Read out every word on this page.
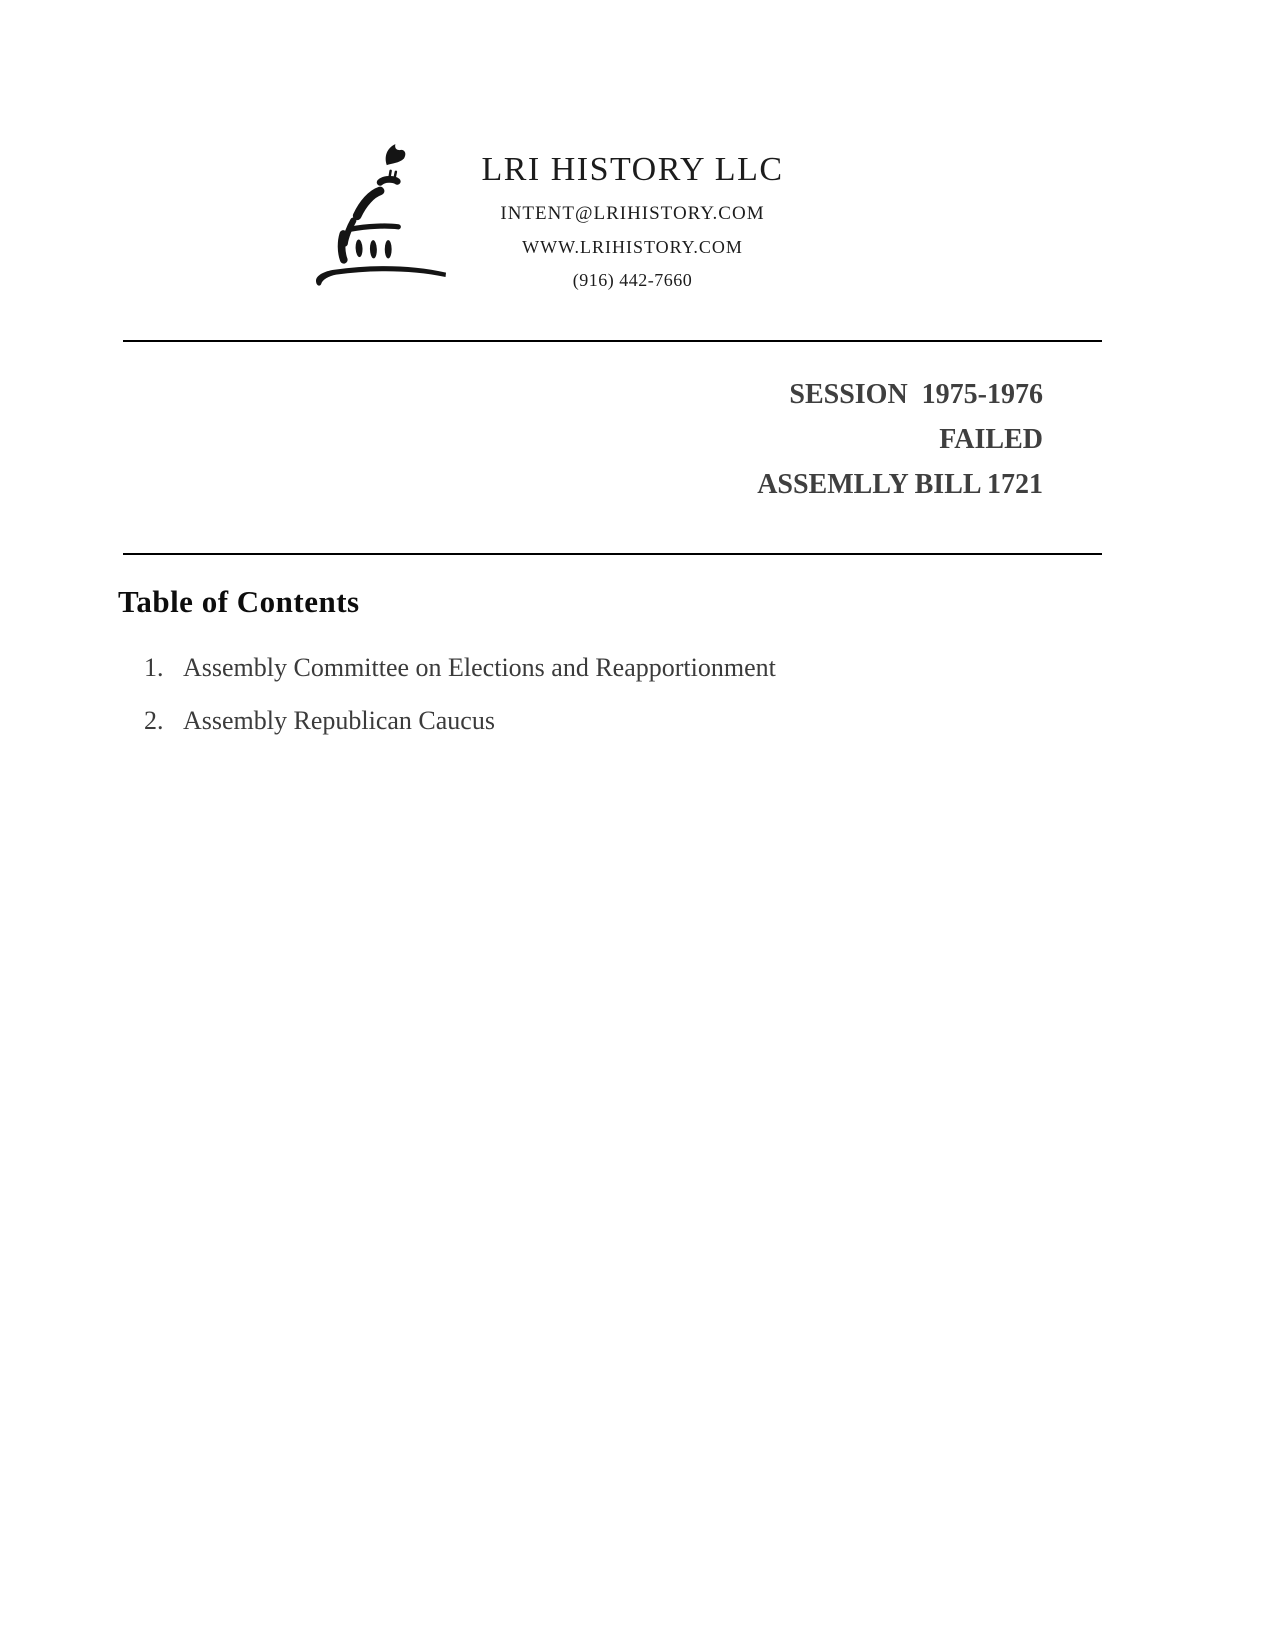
LRI HISTORY LLC
INTENT@LRIHISTORY.COM
WWW.LRIHISTORY.COM
(916) 442-7660
SESSION  1975-1976
FAILED
ASSEMLLY BILL 1721
Table of Contents
1. Assembly Committee on Elections and Reapportionment
2. Assembly Republican Caucus
